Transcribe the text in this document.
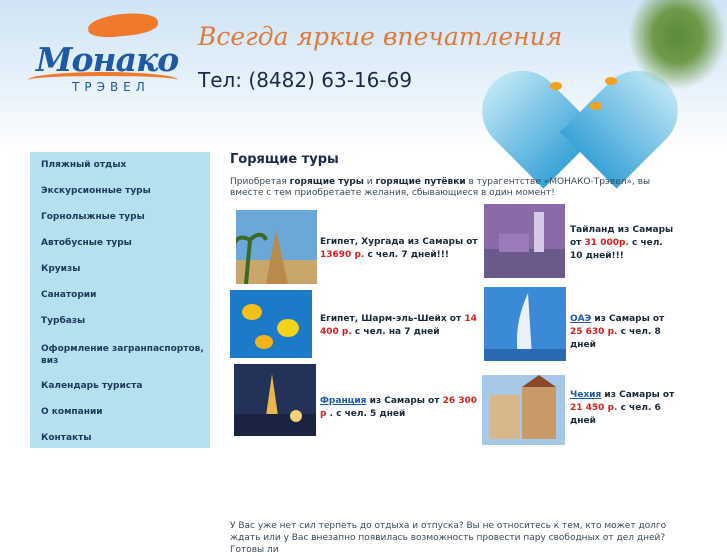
Монако
ТРЭВЕЛ
Всегда яркие впечатления
Тел: (8482) 63-16-69
Пляжный отдых
Экскурсионные туры
Горнолыжные туры
Автобусные туры
Круизы
Санатории
Турбазы
Оформление загранпаспортов, виз
Календарь туриста
О компании
Контакты
Горящие туры
Приобретая горящие туры и горящие путёвки в турагентстве «МОНАКО-Трэвел», вы вместе с тем приобретаете желания, сбывающиеся в один момент!
Египет, Хургада из Самары от 13690 р. с чел. 7 дней!!!
Тайланд из Самары от 31 000р. с чел. 10 дней!!!
Египет, Шарм-эль-Шейх от 14 400 р. с чел. на 7 дней
ОАЭ из Самары от 25 630 р. с чел. 8 дней
Франция из Самары от 26 300 р . с чел. 5 дней
Чехия из Самары от 21 450 р. с чел. 6 дней
У Вас уже нет сил терпеть до отдыха и отпуска? Вы не относитесь к тем, кто может долго ждать или у Вас внезапно появилась возможность провести пару свободных от дел дней? Готовы ли
